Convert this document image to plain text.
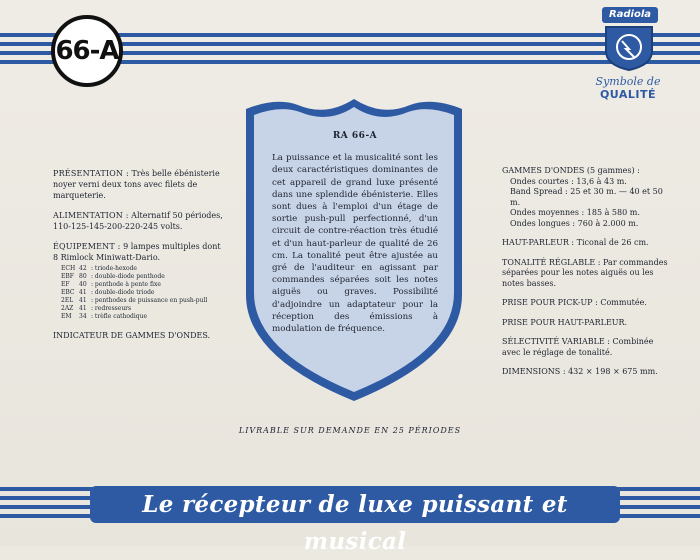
66-A
Radiola
Symbole de
QUALITÉ
PRÉSENTATION : Très belle ébénisterie noyer verni deux tons avec filets de marqueterie.
ALIMENTATION : Alternatif 50 périodes, 110-125-145-200-220-245 volts.
ÉQUIPEMENT : 9 lampes multiples dont 8 Rimlock Miniwatt-Dario.
ECH 42 : triode-hexode
EBF 80 : double-diode penthode
EF	40 : penthode à pente fixe
EBC 41 : double-diode triode
2EL 41 : penthodes de puissance en push-pull
2AZ 41 : redresseurs
EM	34 : trèfle cathodique
INDICATEUR DE GAMMES D'ONDES.
RA 66-A
La puissance et la musicalité sont les deux caractéristiques dominantes de cet appareil de grand luxe présenté dans une splendide ébénisterie. Elles sont dues à l'emploi d'un étage de sortie push-pull perfectionné, d'un circuit de contre-réaction très étudié et d'un haut-parleur de qualité de 26 cm. La tonalité peut être ajustée au gré de l'auditeur en agissant par commandes séparées soit les notes aiguës ou graves. Possibilité d'adjoindre un adaptateur pour la réception des émissions à modulation de fréquence.
GAMMES D'ONDES (5 gammes) :
Ondes courtes : 13,6 à 43 m.
Band Spread : 25 et 30 m. — 40 et 50 m.
Ondes moyennes : 185 à 580 m.
Ondes longues : 760 à 2.000 m.
HAUT-PARLEUR : Ticonal de 26 cm.
TONALITÉ RÉGLABLE : Par commandes séparées pour les notes aiguës ou les notes basses.
PRISE POUR PICK-UP : Commutée.
PRISE POUR HAUT-PARLEUR.
SÉLECTIVITÉ VARIABLE : Combinée avec le réglage de tonalité.
DIMENSIONS : 432 × 198 × 675 mm.
LIVRABLE SUR DEMANDE EN 25 PÉRIODES
Le récepteur de luxe puissant et musical
